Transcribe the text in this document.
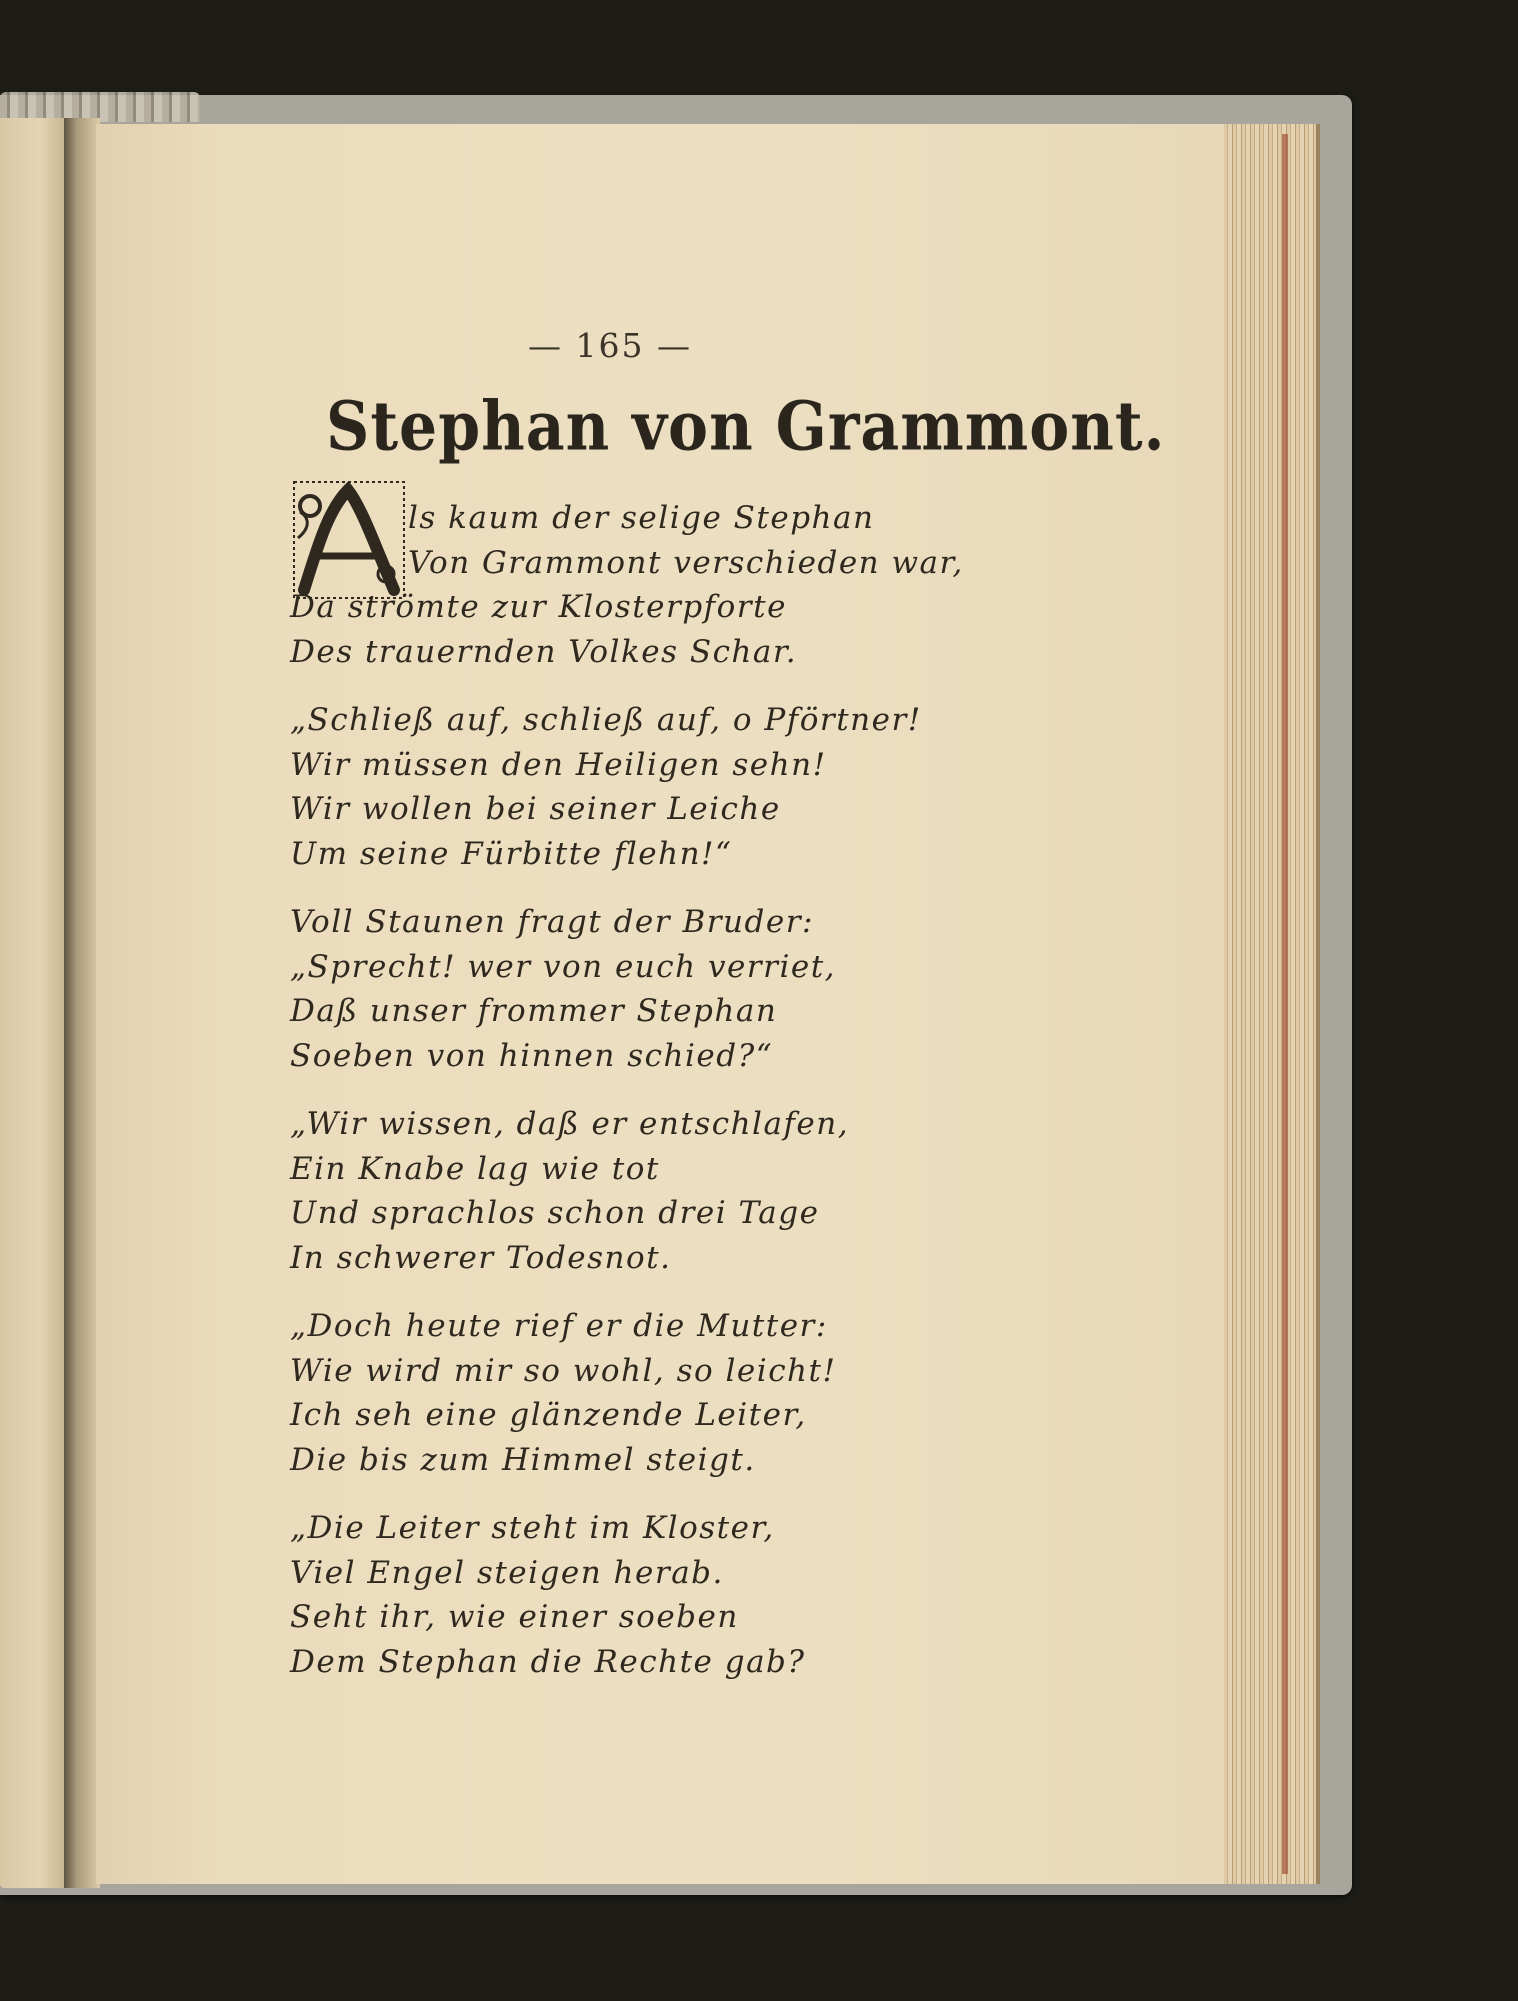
— 165 —
Stephan von Grammont.
ls kaum der selige Stephan
Von Grammont verschieden war,
Da strömte zur Klosterpforte
Des trauernden Volkes Schar.
„Schließ auf, schließ auf, o Pförtner!
Wir müssen den Heiligen sehn!
Wir wollen bei seiner Leiche
Um seine Fürbitte flehn!“
Voll Staunen fragt der Bruder:
„Sprecht! wer von euch verriet,
Daß unser frommer Stephan
Soeben von hinnen schied?“
„Wir wissen, daß er entschlafen,
Ein Knabe lag wie tot
Und sprachlos schon drei Tage
In schwerer Todesnot.
„Doch heute rief er die Mutter:
Wie wird mir so wohl, so leicht!
Ich seh eine glänzende Leiter,
Die bis zum Himmel steigt.
„Die Leiter steht im Kloster,
Viel Engel steigen herab.
Seht ihr, wie einer soeben
Dem Stephan die Rechte gab?
